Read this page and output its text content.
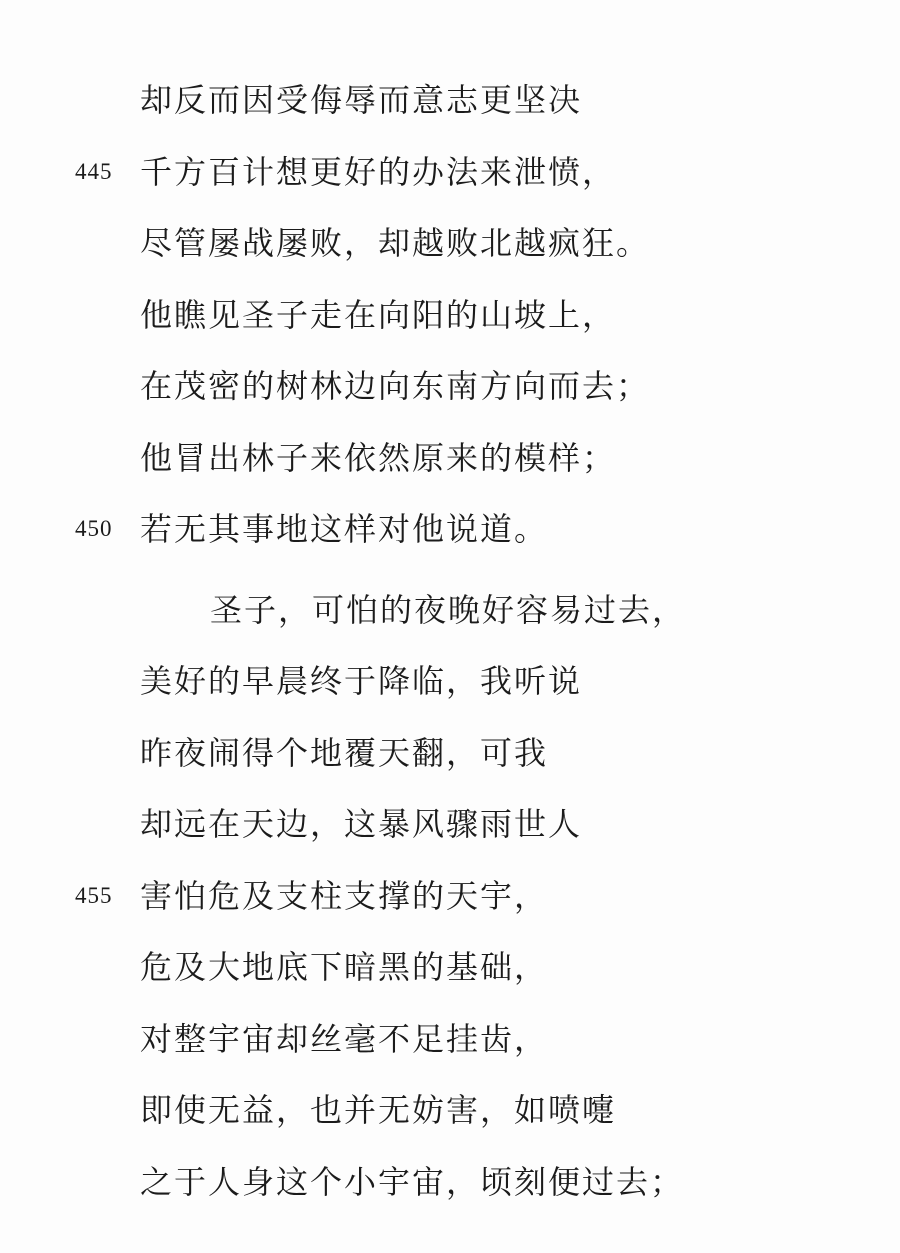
却反而因受侮辱而意志更坚决
445 千方百计想更好的办法来泄愤，
尽管屡战屡败，却越败北越疯狂。
他瞧见圣子走在向阳的山坡上，
在茂密的树林边向东南方向而去；
他冒出林子来依然原来的模样；
450 若无其事地这样对他说道。
圣子，可怕的夜晚好容易过去，
美好的早晨终于降临，我听说
昨夜闹得个地覆天翻，可我
却远在天边，这暴风骤雨世人
455 害怕危及支柱支撑的天宇，
危及大地底下暗黑的基础，
对整宇宙却丝毫不足挂齿，
即使无益，也并无妨害，如喷嚏
之于人身这个小宇宙，顷刻便过去；
